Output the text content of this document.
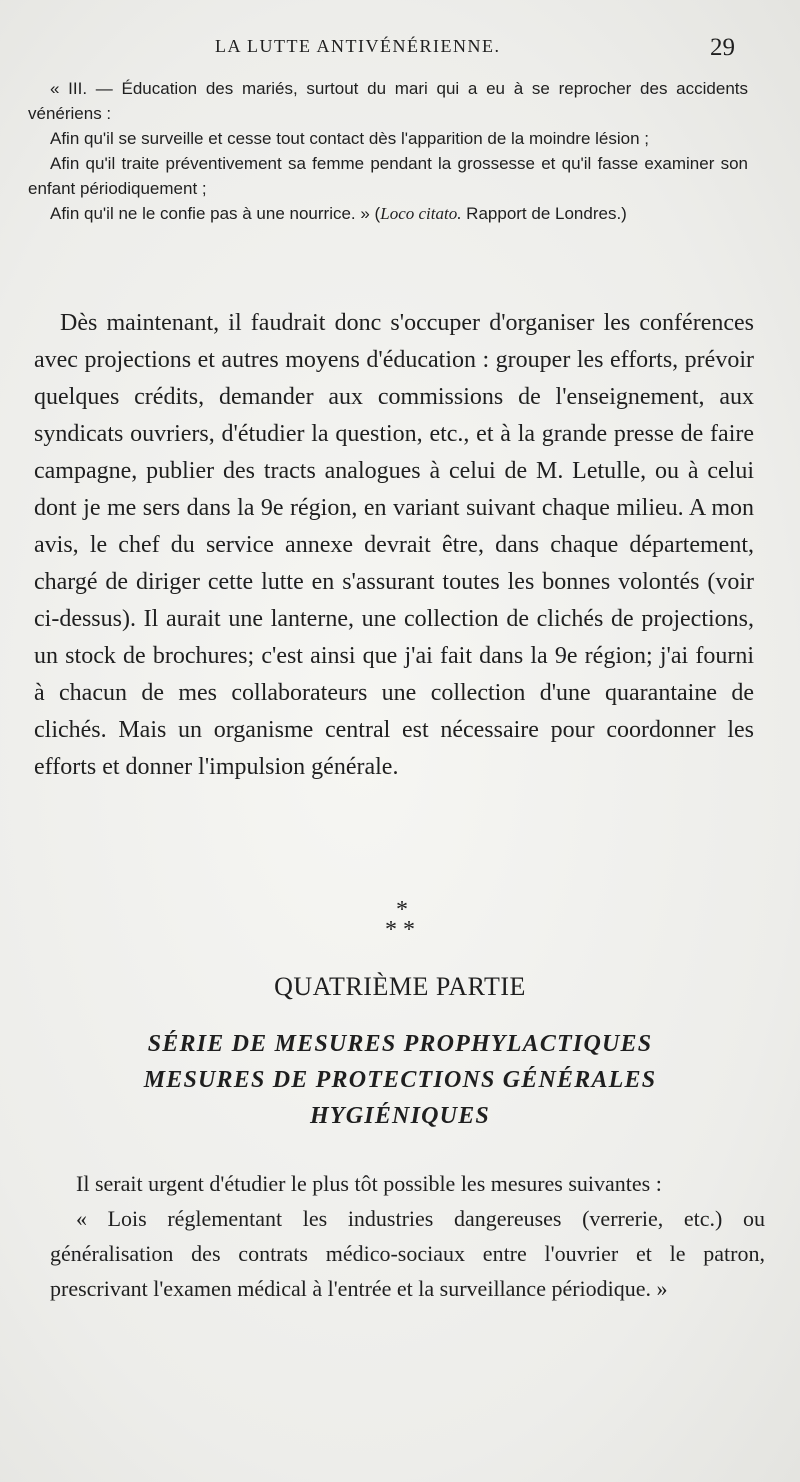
LA LUTTE ANTIVÉNÉRIENNE.	29

« III. — Éducation des mariés, surtout du mari qui a eu à se reprocher des accidents vénériens :

Afin qu'il se surveille et cesse tout contact dès l'apparition de la moindre lésion ;

Afin qu'il traite préventivement sa femme pendant la grossesse et qu'il fasse examiner son enfant périodiquement ;

Afin qu'il ne le confie pas à une nourrice. » (Loco citato. Rapport de Londres.)

Dès maintenant, il faudrait donc s'occuper d'organiser les conférences avec projections et autres moyens d'éducation : grouper les efforts, prévoir quelques crédits, demander aux commissions de l'enseignement, aux syndicats ouvriers, d'étudier la question, etc., et à la grande presse de faire campagne, publier des tracts analogues à celui de M. Letulle, ou à celui dont je me sers dans la 9e région, en variant suivant chaque milieu. A mon avis, le chef du service annexe devrait être, dans chaque département, chargé de diriger cette lutte en s'assurant toutes les bonnes volontés (voir ci-dessus). Il aurait une lanterne, une collection de clichés de projections, un stock de brochures; c'est ainsi que j'ai fait dans la 9e région; j'ai fourni à chacun de mes collaborateurs une collection d'une quarantaine de clichés. Mais un organisme central est nécessaire pour coordonner les efforts et donner l'impulsion générale.

*
* *
QUATRIÈME PARTIE
SÉRIE DE MESURES PROPHYLACTIQUES
MESURES DE PROTECTIONS GÉNÉRALES
HYGIÉNIQUES

Il serait urgent d'étudier le plus tôt possible les mesures suivantes :

« Lois réglementant les industries dangereuses (verrerie, etc.) ou généralisation des contrats médico-sociaux entre l'ouvrier et le patron, prescrivant l'examen médical à l'entrée et la surveillance périodique. »
